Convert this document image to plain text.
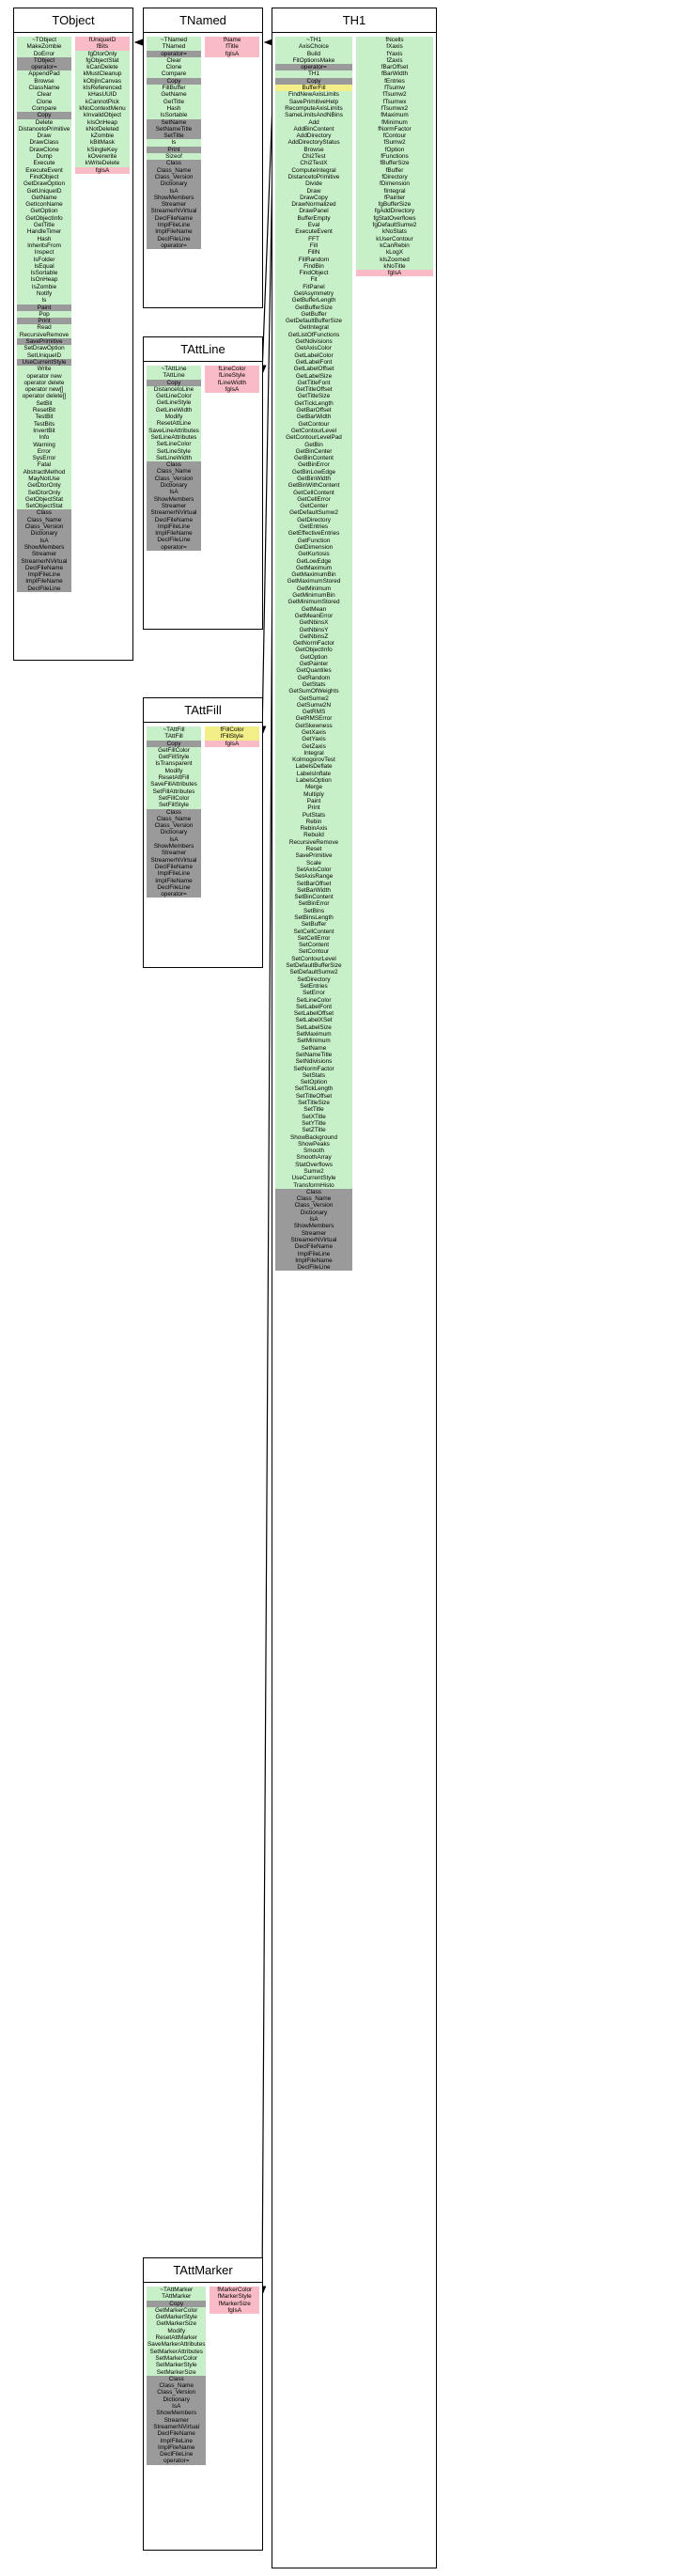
TObject
~TObject
MakeZombie
DoError
TObject
operator=
AppendPad
Browse
ClassName
Clear
Clone
Compare
Copy
Delete
DistancetoPrimitive
Draw
DrawClass
DrawClone
Dump
Execute
ExecuteEvent
FindObject
GetDrawOption
GetUniqueID
GetName
GetIconName
GetOption
GetObjectInfo
GetTitle
HandleTimer
Hash
InheritsFrom
Inspect
IsFolder
IsEqual
IsSortable
IsOnHeap
IsZombie
Notify
ls
Paint
Pop
Print
Read
RecursiveRemove
SavePrimitive
SetDrawOption
SetUniqueID
UseCurrentStyle
Write
operator new
operator delete
operator new[]
operator delete[]
SetBit
ResetBit
TestBit
TestBits
InvertBit
Info
Warning
Error
SysError
Fatal
AbstractMethod
MayNotUse
GetDtorOnly
SetDtorOnly
GetObjectStat
SetObjectStat
Class
Class_Name
Class_Version
Dictionary
IsA
ShowMembers
Streamer
StreamerNVirtual
DeclFileName
ImplFileLine
ImplFileName
DeclFileLine
fUniqueID
fBits
fgDtorOnly
fgObjectStat
kCanDelete
kMustCleanup
kObjInCanvas
kIsReferenced
kHasUUID
kCannotPick
kNoContextMenu
kInvalidObject
kIsOnHeap
kNotDeleted
kZombie
kBitMask
kSingleKey
kOverwrite
kWriteDelete
fgIsA
TNamed
~TNamed
TNamed
operator=
Clear
Clone
Compare
Copy
FillBuffer
GetName
GetTitle
Hash
IsSortable
SetName
SetNameTitle
SetTitle
ls
Print
Sizeof
Class
Class_Name
Class_Version
Dictionary
IsA
ShowMembers
Streamer
StreamerNVirtual
DeclFileName
ImplFileLine
ImplFileName
DeclFileLine
operator=
fName
fTitle
fgIsA
TH1
~TH1
AxisChoice
Build
FitOptionsMake
operator=
TH1
Copy
BufferFill
FindNewAxisLimits
SavePrimitiveHelp
RecomputeAxisLimits
SameLimitsAndNBins
Add
AddBinContent
AddDirectory
AddDirectoryStatus
Browse
Chi2Test
Chi2TestX
ComputeIntegral
DistancetoPrimitive
Divide
Draw
DrawCopy
DrawNormalized
DrawPanel
BufferEmpty
Eval
ExecuteEvent
FFT
Fill
FillN
FillRandom
FindBin
FindObject
Fit
FitPanel
GetAsymmetry
GetBufferLength
GetBufferSize
GetBuffer
GetDefaultBufferSize
GetIntegral
GetListOfFunctions
GetNdivisions
GetAxisColor
GetLabelColor
GetLabelFont
GetLabelOffset
GetLabelSize
GetTitleFont
GetTitleOffset
GetTitleSize
GetTickLength
GetBarOffset
GetBarWidth
GetContour
GetContourLevel
GetContourLevelPad
GetBin
GetBinCenter
GetBinContent
GetBinError
GetBinLowEdge
GetBinWidth
GetBinWithContent
GetCellContent
GetCellError
GetCenter
GetDefaultSumw2
GetDirectory
GetEntries
GetEffectiveEntries
GetFunction
GetDimension
GetKurtosis
GetLowEdge
GetMaximum
GetMaximumBin
GetMaximumStored
GetMinimum
GetMinimumBin
GetMinimumStored
GetMean
GetMeanError
GetNbinsX
GetNbinsY
GetNbinsZ
GetNormFactor
GetObjectInfo
GetOption
GetPainter
GetQuantiles
GetRandom
GetStats
GetSumOfWeights
GetSumw2
GetSumw2N
GetRMS
GetRMSError
GetSkewness
GetXaxis
GetYaxis
GetZaxis
Integral
KolmogorovTest
LabelsDeflate
LabelsInflate
LabelsOption
Merge
Multiply
Paint
Print
PutStats
Rebin
RebinAxis
Rebuild
RecursiveRemove
Reset
SavePrimitive
Scale
SetAxisColor
SetAxisRange
SetBarOffset
SetBarWidth
SetBinContent
SetBinError
SetBins
SetBinsLength
SetBuffer
SetCellContent
SetCellError
SetContent
SetContour
SetContourLevel
SetDefaultBufferSize
SetDefaultSumw2
SetDirectory
SetEntries
SetError
SetLineColor
SetLabelFont
SetLabelOffset
SetLabelXSet
SetLabelSize
SetMaximum
SetMinimum
SetName
SetNameTitle
SetNdivisions
SetNormFactor
SetStats
SetOption
SetTickLength
SetTitleOffset
SetTitleSize
SetTitle
SetXTitle
SetYTitle
SetZTitle
ShowBackground
ShowPeaks
Smooth
SmoothArray
StatOverflows
Sumw2
UseCurrentStyle
TransformHisto
Class
Class_Name
Class_Version
Dictionary
IsA
ShowMembers
Streamer
StreamerNVirtual
DeclFileName
ImplFileLine
ImplFileName
DeclFileLine
fNcells
fXaxis
fYaxis
fZaxis
fBarOffset
fBarWidth
fEntries
fTsumw
fTsumw2
fTsumwx
fTsumwx2
fMaximum
fMinimum
fNormFactor
fContour
fSumw2
fOption
fFunctions
fBufferSize
fBuffer
fDirectory
fDimension
fIntegral
fPainter
fgBufferSize
fgAddDirectory
fgStatOverflows
fgDefaultSumw2
kNoStats
kUserContour
kCanRebin
kLogX
kIsZoomed
kNoTitle
fgIsA
TAttLine
~TAttLine
TAttLine
Copy
DistancetoLine
GetLineColor
GetLineStyle
GetLineWidth
Modify
ResetAttLine
SaveLineAttributes
SetLineAttributes
SetLineColor
SetLineStyle
SetLineWidth
Class
Class_Name
Class_Version
Dictionary
IsA
ShowMembers
Streamer
StreamerNVirtual
DeclFileName
ImplFileLine
ImplFileName
DeclFileLine
operator=
fLineColor
fLineStyle
fLineWidth
fgIsA
TAttFill
~TAttFill
TAttFill
Copy
GetFillColor
GetFillStyle
IsTransparent
Modify
ResetAttFill
SaveFillAttributes
SetFillAttributes
SetFillColor
SetFillStyle
Class
Class_Name
Class_Version
Dictionary
IsA
ShowMembers
Streamer
StreamerNVirtual
DeclFileName
ImplFileLine
ImplFileName
DeclFileLine
operator=
fFillColor
fFillStyle
fgIsA
TAttMarker
~TAttMarker
TAttMarker
Copy
GetMarkerColor
GetMarkerStyle
GetMarkerSize
Modify
ResetAttMarker
SaveMarkerAttributes
SetMarkerAttributes
SetMarkerColor
SetMarkerStyle
SetMarkerSize
Class
Class_Name
Class_Version
Dictionary
IsA
ShowMembers
Streamer
StreamerNVirtual
DeclFileName
ImplFileLine
ImplFileName
DeclFileLine
operator=
fMarkerColor
fMarkerStyle
fMarkerSize
fgIsA
